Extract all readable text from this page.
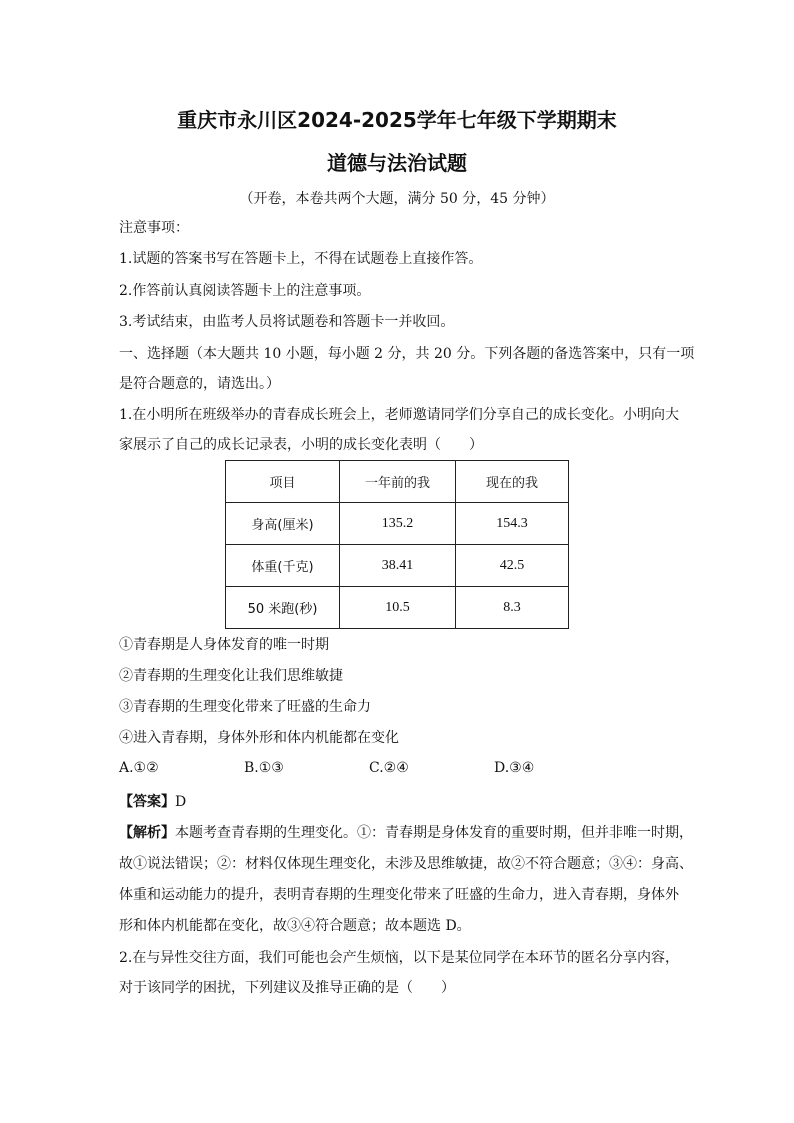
重庆市永川区2024-2025学年七年级下学期期末
道德与法治试题
（开卷，本卷共两个大题，满分 50 分，45 分钟）
注意事项：
1.试题的答案书写在答题卡上，不得在试题卷上直接作答。
2.作答前认真阅读答题卡上的注意事项。
3.考试结束，由监考人员将试题卷和答题卡一并收回。
一、选择题（本大题共 10 小题，每小题 2 分，共 20 分。下列各题的备选答案中，只有一项
是符合题意的，请选出。）
1.在小明所在班级举办的青春成长班会上，老师邀请同学们分享自己的成长变化。小明向大
家展示了自己的成长记录表，小明的成长变化表明（　　）
项目	一年前的我	现在的我
身高(厘米)	135.2	154.3
体重(千克)	38.41	42.5
50 米跑(秒)	10.5	8.3
①青春期是人身体发育的唯一时期
②青春期的生理变化让我们思维敏捷
③青春期的生理变化带来了旺盛的生命力
④进入青春期，身体外形和体内机能都在变化
A.①②	B.①③	C.②④	D.③④
【答案】D
【解析】本题考查青春期的生理变化。①：青春期是身体发育的重要时期，但并非唯一时期，
故①说法错误；②：材料仅体现生理变化，未涉及思维敏捷，故②不符合题意；③④：身高、
体重和运动能力的提升，表明青春期的生理变化带来了旺盛的生命力，进入青春期，身体外
形和体内机能都在变化，故③④符合题意；故本题选 D。
2.在与异性交往方面，我们可能也会产生烦恼，以下是某位同学在本环节的匿名分享内容，
对于该同学的困扰，下列建议及推导正确的是（　　）
